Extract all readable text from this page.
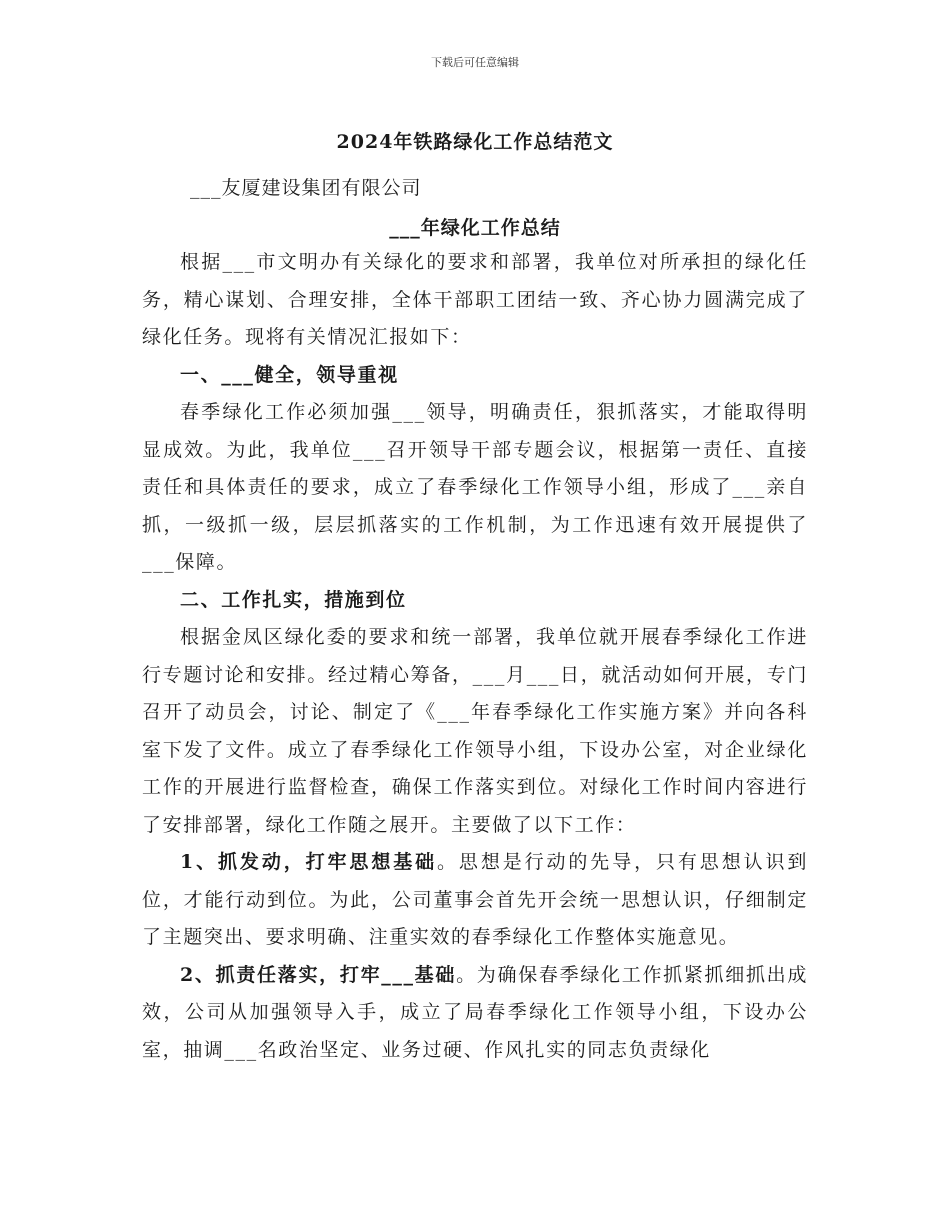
下载后可任意编辑
2024年铁路绿化工作总结范文
___友厦建设集团有限公司
___年绿化工作总结

根据___市文明办有关绿化的要求和部署，我单位对所承担的绿化任务，精心谋划、合理安排，全体干部职工团结一致、齐心协力圆满完成了绿化任务。现将有关情况汇报如下：

一、___健全，领导重视

春季绿化工作必须加强___领导，明确责任，狠抓落实，才能取得明显成效。为此，我单位___召开领导干部专题会议，根据第一责任、直接责任和具体责任的要求，成立了春季绿化工作领导小组，形成了___亲自抓，一级抓一级，层层抓落实的工作机制，为工作迅速有效开展提供了___保障。

二、工作扎实，措施到位

根据金凤区绿化委的要求和统一部署，我单位就开展春季绿化工作进行专题讨论和安排。经过精心筹备，___月___日，就活动如何开展，专门召开了动员会，讨论、制定了《___年春季绿化工作实施方案》并向各科室下发了文件。成立了春季绿化工作领导小组，下设办公室，对企业绿化工作的开展进行监督检查，确保工作落实到位。对绿化工作时间内容进行了安排部署，绿化工作随之展开。主要做了以下工作：

1、抓发动，打牢思想基础。思想是行动的先导，只有思想认识到位，才能行动到位。为此，公司董事会首先开会统一思想认识，仔细制定了主题突出、要求明确、注重实效的春季绿化工作整体实施意见。

2、抓责任落实，打牢___基础。为确保春季绿化工作抓紧抓细抓出成效，公司从加强领导入手，成立了局春季绿化工作领导小组，下设办公室，抽调___名政治坚定、业务过硬、作风扎实的同志负责绿化
